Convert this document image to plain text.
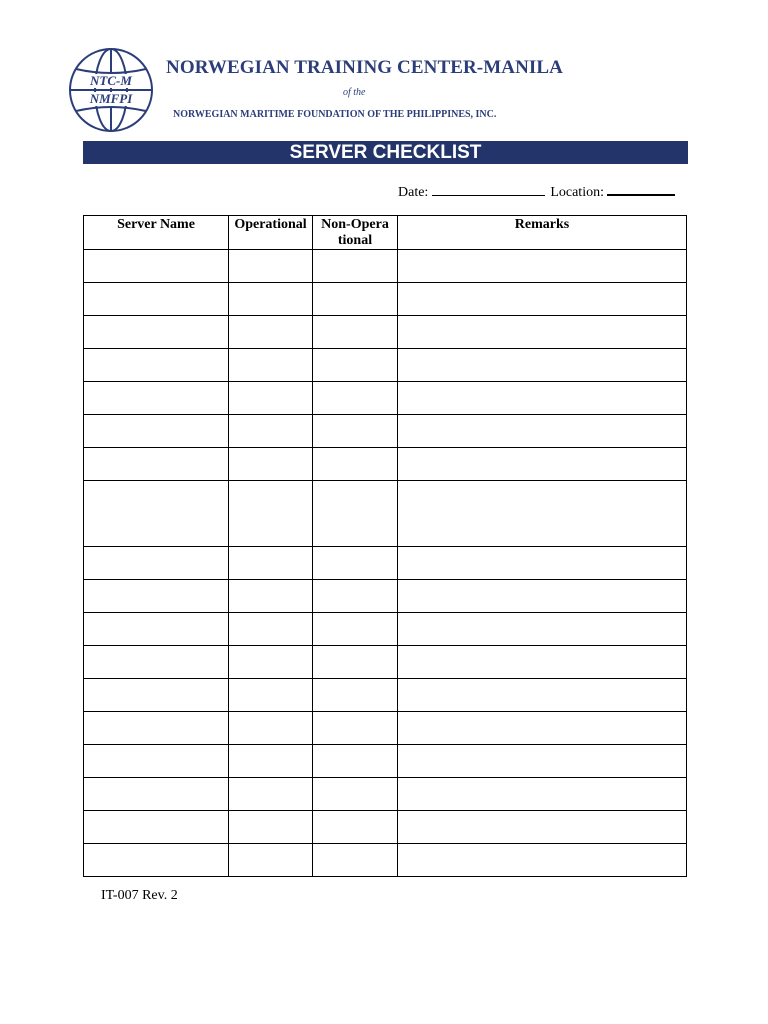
NTC-M
NMFPI
NORWEGIAN TRAINING CENTER-MANILA
of the
NORWEGIAN MARITIME FOUNDATION OF THE PHILIPPINES, INC.
SERVER CHECKLIST
Date:	Location:
Server Name	Operational	Non-Operational	Remarks

IT-007 Rev. 2
